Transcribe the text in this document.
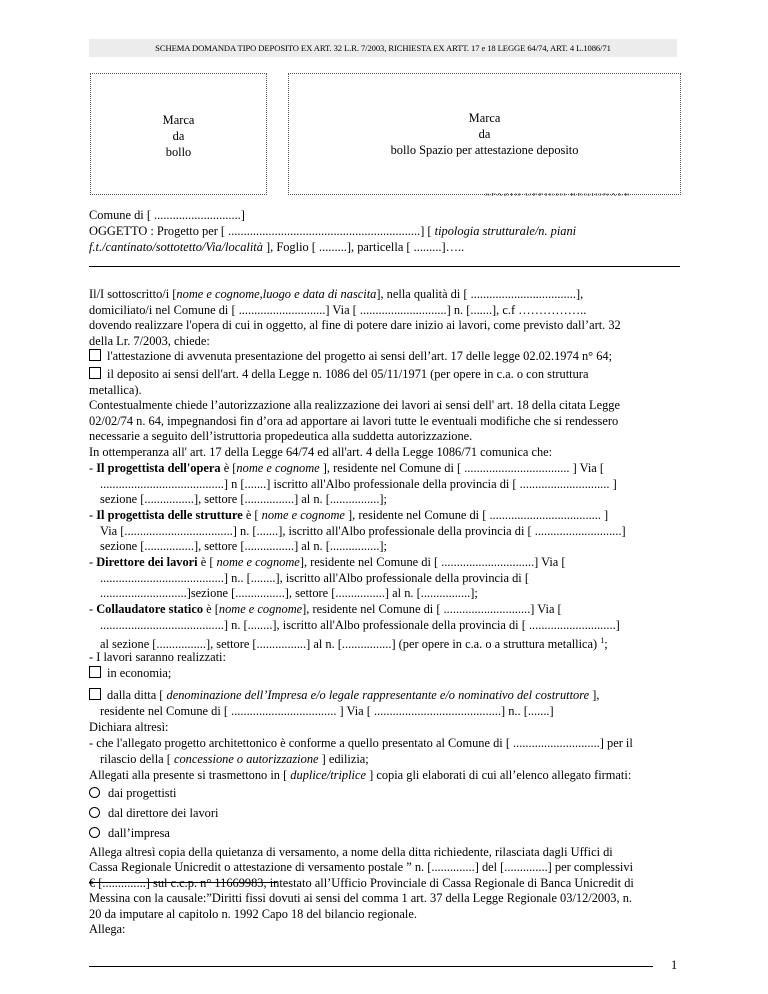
SCHEMA DOMANDA TIPO DEPOSITO EX ART. 32 L.R. 7/2003, RICHIESTA EX ARTT. 17 e 18 LEGGE 64/74, ART. 4 L.1086/71
Marca
da
bollo
Marca
da
bollo Spazio per attestazione deposito
SPAZIO UFFICIO REGIONALE
Comune di [ ............................]
OGGETTO : Progetto per [ ..............................................................] [ tipologia strutturale/n. piani
f.t./cantinato/sottotetto/Via/località ], Foglio [ .........], particella [ .........]…..
Il/I sottoscritto/i [nome e cognome,luogo e data di nascita], nella qualità di [ ..................................],
domiciliato/i nel Comune di [ ............................] Via [ ............................] n. [.......], c.f ……………..
dovendo realizzare l'opera di cui in oggetto, al fine di potere dare inizio ai lavori, come previsto dall’art. 32
della Lr. 7/2003, chiede:
l'attestazione di avvenuta presentazione del progetto ai sensi dell’art. 17 delle legge 02.02.1974 n° 64;
il deposito ai sensi dell'art. 4 della Legge n. 1086 del 05/11/1971 (per opere in c.a. o con struttura
metallica).
Contestualmente chiede l’autorizzazione alla realizzazione dei lavori ai sensi dell' art. 18 della citata Legge
02/02/74 n. 64, impegnandosi fin d’ora ad apportare ai lavori tutte le eventuali modifiche che si rendessero
necessarie a seguito dell’istruttoria propedeutica alla suddetta autorizzazione.
In ottemperanza all' art. 17 della Legge 64/74 ed all'art. 4 della Legge 1086/71 comunica che:
- Il progettista dell'opera è [nome e cognome ], residente nel Comune di [ .................................. ] Via [
........................................] n [.......] iscritto all'Albo professionale della provincia di [ ............................. ]
sezione [................], settore [................] al n. [................];
- Il progettista delle strutture è [ nome e cognome ], residente nel Comune di [ .................................... ]
Via [...................................] n. [.......], iscritto all'Albo professionale della provincia di [ ............................]
sezione [................], settore [................] al n. [................];
- Direttore dei lavori è [ nome e cognome], residente nel Comune di [ ..............................] Via [
........................................] n.. [........], iscritto all'Albo professionale della provincia di [
............................]sezione [................], settore [................] al n. [................];
- Collaudatore statico è [nome e cognome], residente nel Comune di [ ............................] Via [
........................................] n. [........], iscritto all'Albo professionale della provincia di [ ............................]
al sezione [................], settore [................] al n. [................] (per opere in c.a. o a struttura metallica) $^1$;
- I lavori saranno realizzati:
in economia;
dalla ditta [ denominazione dell’Impresa e/o legale rappresentante e/o nominativo del costruttore ],
residente nel Comune di [ .................................. ] Via [ .........................................] n.. [.......]
Dichiara altresì:
- che l'allegato progetto architettonico è conforme a quello presentato al Comune di [ ............................] per il
rilascio della [ concessione o autorizzazione ] edilizia;
Allegati alla presente si trasmettono in [ duplice/triplice ] copia gli elaborati di cui all’elenco allegato firmati:
dai progettisti
dal direttore dei lavori
dall’impresa
Allega altresì copia della quietanza di versamento, a nome della ditta richiedente, rilasciata dagli Uffici di
Cassa Regionale Unicredit o attestazione di versamento postale ” n. [..............] del [..............] per complessivi
€ [..............] sul c.c.p. n° 11669983, intestato all’Ufficio Provinciale di Cassa Regionale di Banca Unicredit di
Messina con la causale:”Diritti fissi dovuti ai sensi del comma 1 art. 37 della Legge Regionale 03/12/2003, n.
20 da imputare al capitolo n. 1992 Capo 18 del bilancio regionale.
Allega:
1
